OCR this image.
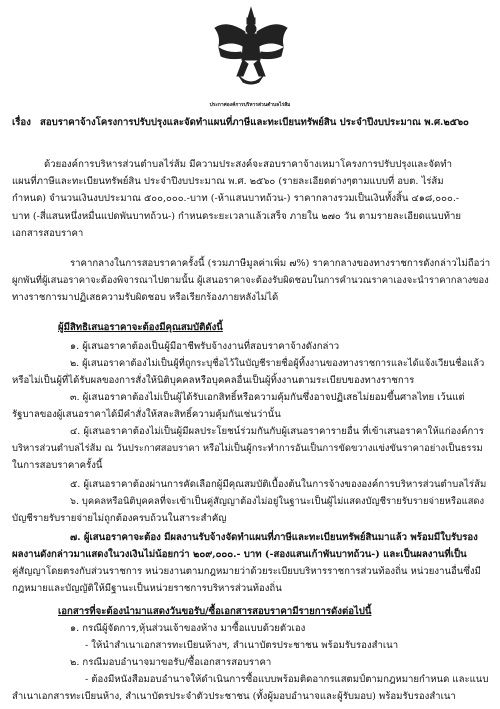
ประกาศองค์การบริหารส่วนตำบลไร่ส้ม
เรื่อง สอบราคาจ้างโครงการปรับปรุงและจัดทำแผนที่ภาษีและทะเบียนทรัพย์สิน ประจำปีงบประมาณ พ.ศ.๒๕๖๐
ด้วยองค์การบริหารส่วนตำบลไร่ส้ม มีความประสงค์จะสอบราคาจ้างเหมาโครงการปรับปรุงและจัดทำ
แผนที่ภาษีและทะเบียนทรัพย์สิน ประจำปีงบประมาณ พ.ศ. ๒๕๖๐ (รายละเอียดต่างๆตามแบบที่ อบต. ไร่ส้ม
กำหนด) จำนวนเงินงบประมาณ ๕๐๐,๐๐๐.-บาท (-ห้าแสนบาทถ้วน-) ราคากลางรวมเป็นเงินทั้งสิ้น ๔๑๘,๐๐๐.-
บาท (-สี่แสนหนึ่งหมื่นแปดพันบาทถ้วน-) กำหนดระยะเวลาแล้วเสร็จ ภายใน ๒๗๐ วัน ตามรายละเอียดแนบท้าย
เอกสารสอบราคา
ราคากลางในการสอบราคาครั้งนี้ (รวมภาษีมูลค่าเพิ่ม ๗%) ราคากลางของทางราชการดังกล่าวไม่ถือว่า
ผูกพันที่ผู้เสนอราคาจะต้องพิจารณาไปตามนั้น ผู้เสนอราคาจะต้องรับผิดชอบในการคำนวณราคาเองจะนำราคากลางของ
ทางราชการมาปฏิเสธความรับผิดชอบ หรือเรียกร้องภายหลังไม่ได้
ผู้มีสิทธิเสนอราคาจะต้องมีคุณสมบัติดังนี้
๑. ผู้เสนอราคาต้องเป็นผู้มีอาชีพรับจ้างงานที่สอบราคาจ้างดังกล่าว
๒. ผู้เสนอราคาต้องไม่เป็นผู้ที่ถูกระบุชื่อไว้ในบัญชีรายชื่อผู้ทิ้งงานของทางราชการและได้แจ้งเวียนชื่อแล้ว
หรือไม่เป็นผู้ที่ได้รับผลของการสั่งให้นิติบุคคลหรือบุคคลอื่นเป็นผู้ทิ้งงานตามระเบียบของทางราชการ
๓. ผู้เสนอราคาต้องไม่เป็นผู้ได้รับเอกสิทธิ์หรือความคุ้มกันซึ่งอาจปฏิเสธไม่ยอมขึ้นศาลไทย เว้นแต่
รัฐบาลของผู้เสนอราคาได้มีคำสั่งให้สละสิทธิ์ความคุ้มกันเช่นว่านั้น
๔. ผู้เสนอราคาต้องไม่เป็นผู้มีผลประโยชน์ร่วมกันกับผู้เสนอราคารายอื่น ที่เข้าเสนอราคาให้แก่องค์การ
บริหารส่วนตำบลไร่ส้ม ณ วันประกาศสอบราคา หรือไม่เป็นผู้กระทำการอันเป็นการขัดขวางแข่งขันราคาอย่างเป็นธรรม
ในการสอบราคาครั้งนี้
๕. ผู้เสนอราคาต้องผ่านการคัดเลือกผู้มีคุณสมบัติเบื้องต้นในการจ้างขององค์การบริหารส่วนตำบลไร่ส้ม
๖. บุคคลหรือนิติบุคคลที่จะเข้าเป็นคู่สัญญาต้องไม่อยู่ในฐานะเป็นผู้ไม่แสดงบัญชีรายรับรายจ่ายหรือแสดง
บัญชีรายรับรายจ่ายไม่ถูกต้องครบถ้วนในสาระสำคัญ
๗. ผู้เสนอราคาจะต้อง มีผลงานรับจ้างจัดทำแผนที่ภาษีและทะเบียนทรัพย์สินมาแล้ว พร้อมมีใบรับรอง
ผลงานดังกล่าวมาแสดงในวงเงินไม่น้อยกว่า ๒๐๙,๐๐๐.- บาท (-สองแสนเก้าพันบาทถ้วน-) และเป็นผลงานที่เป็น
คู่สัญญาโดยตรงกับส่วนราชการ หน่วยงานตามกฎหมายว่าด้วยระเบียบบริหารราชการส่วนท้องถิ่น หน่วยงานอื่นซึ่งมี
กฎหมายและบัญญัติให้มีฐานะเป็นหน่วยราชการบริหารส่วนท้องถิ่น
เอกสารที่จะต้องนำมาแสดงวันขอรับ/ซื้อเอกสารสอบราคามีรายการดังต่อไปนี้
๑. กรณีผู้จัดการ,หุ้นส่วนเจ้าของห้าง มาซื้อแบบด้วยตัวเอง
- ให้นำสำเนาเอกสารทะเบียนห้างฯ, สำเนาบัตรประชาชน พร้อมรับรองสำเนา
๒. กรณีมอบอำนาจมาขอรับ/ซื้อเอกสารสอบราคา
- ต้องมีหนังสือมอบอำนาจให้ดำเนินการซื้อแบบพร้อมติดอากรแสตมป์ตามกฎหมายกำหนด และแนบ
สำเนาเอกสารทะเบียนห้าง, สำเนาบัตรประจำตัวประชาชน (ทั้งผู้มอบอำนาจและผู้รับมอบ) พร้อมรับรองสำเนา
